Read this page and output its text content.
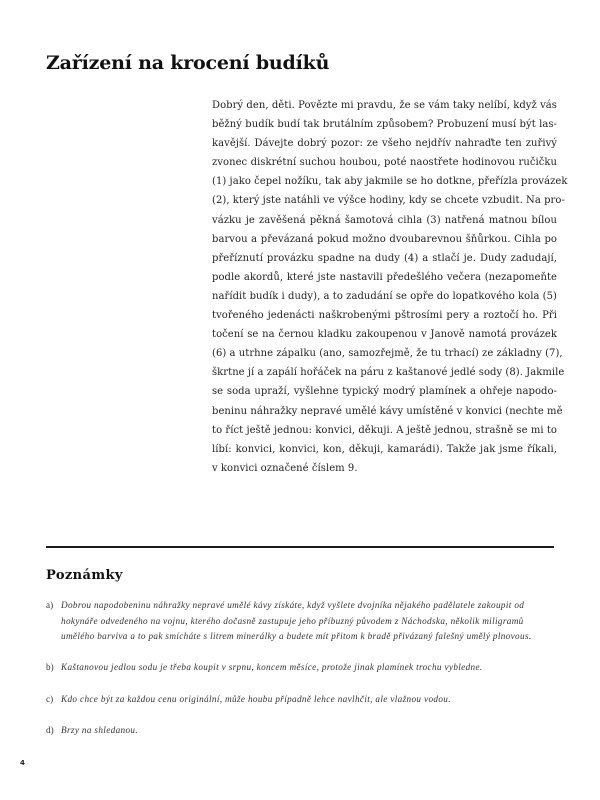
Zařízení na krocení budíků
Dobrý den, děti. Povězte mi pravdu, že se vám taky nelíbí, když vás
běžný budík budí tak brutálním způsobem? Probuzení musí být las-
kavější. Dávejte dobrý pozor: ze všeho nejdřív nahraďte ten zuřivý
zvonec diskrétní suchou houbou, poté naostřete hodinovou ručičku
(1) jako čepel nožíku, tak aby jakmile se ho dotkne, přeřízla provázek
(2), který jste natáhli ve výšce hodiny, kdy se chcete vzbudit. Na pro-
vázku je zavěšená pěkná šamotová cihla (3) natřená matnou bílou
barvou a převázaná pokud možno dvoubarevnou šňůrkou. Cihla po
přeříznutí provázku spadne na dudy (4) a stlačí je. Dudy zadudají,
podle akordů, které jste nastavili předešlého večera (nezapomeňte
nařídit budík i dudy), a to zadudání se opře do lopatkového kola (5)
tvořeného jedenácti naškrobenými pštrosími pery a roztočí ho. Při
točení se na černou kladku zakoupenou v Janově namotá provázek
(6) a utrhne zápalku (ano, samozřejmě, že tu trhací) ze základny (7),
škrtne jí a zapálí hořáček na páru z kaštanové jedlé sody (8). Jakmile
se soda upraží, vyšlehne typický modrý plamínek a ohřeje napodo-
beninu náhražky nepravé umělé kávy umístěné v konvici (nechte mě
to říct ještě jednou: konvici, děkuji. A ještě jednou, strašně se mi to
líbí: konvici, konvici, kon, děkuji, kamarádi). Takže jak jsme říkali,
v konvici označené číslem 9.
Poznámky
a) Dobrou napodobeninu náhražky nepravé umělé kávy získáte, když vyšlete dvojníka nějakého padělatele zakoupit od hokynáře odvedeného na vojnu, kterého dočasně zastupuje jeho příbuzný původem z Náchodska, několik miligramů umělého barviva a to pak smícháte s litrem minerálky a budete mít přitom k bradě přivázaný falešný umělý plnovous.
b) Kaštanovou jedlou sodu je třeba koupit v srpnu, koncem měsíce, protože jinak plamínek trochu vybledne.
c) Kdo chce být za každou cenu originální, může houbu případně lehce navlhčit, ale vlažnou vodou.
d) Brzy na shledanou.
4
